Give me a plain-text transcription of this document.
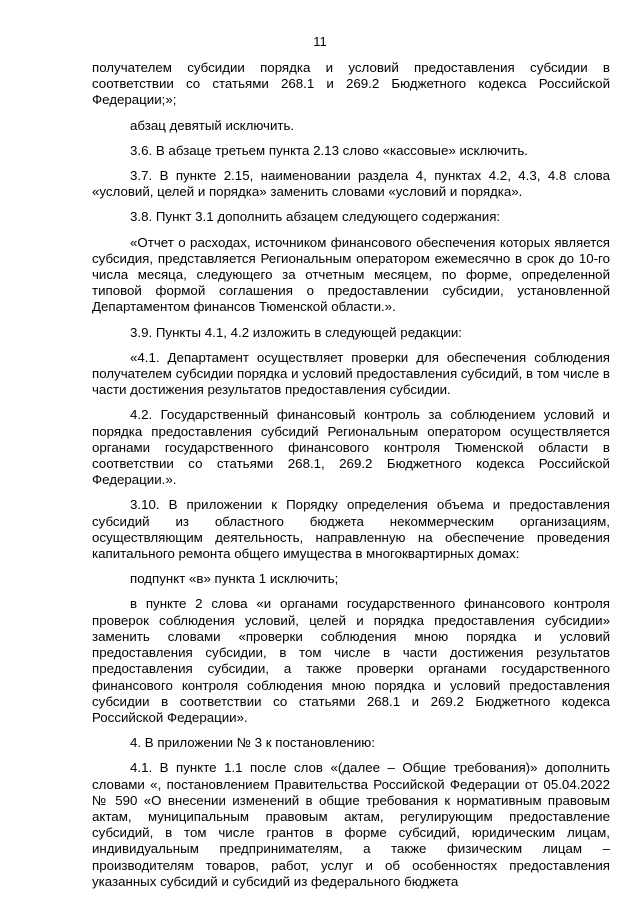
11

получателем субсидии порядка и условий предоставления субсидии в соответствии со статьями 268.1 и 269.2 Бюджетного кодекса Российской Федерации;»;

абзац девятый исключить.

3.6. В абзаце третьем пункта 2.13 слово «кассовые» исключить.

3.7. В пункте 2.15, наименовании раздела 4, пунктах 4.2, 4.3, 4.8 слова «условий, целей и порядка» заменить словами «условий и порядка».

3.8. Пункт 3.1 дополнить абзацем следующего содержания:

«Отчет о расходах, источником финансового обеспечения которых является субсидия, представляется Региональным оператором ежемесячно в срок до 10-го числа месяца, следующего за отчетным месяцем, по форме, определенной типовой формой соглашения о предоставлении субсидии, установленной Департаментом финансов Тюменской области.».

3.9. Пункты 4.1, 4.2 изложить в следующей редакции:

«4.1. Департамент осуществляет проверки для обеспечения соблюдения получателем субсидии порядка и условий предоставления субсидий, в том числе в части достижения результатов предоставления субсидии.

4.2. Государственный финансовый контроль за соблюдением условий и порядка предоставления субсидий Региональным оператором осуществляется органами государственного финансового контроля Тюменской области в соответствии со статьями 268.1, 269.2 Бюджетного кодекса Российской Федерации.».

3.10. В приложении к Порядку определения объема и предоставления субсидий из областного бюджета некоммерческим организациям, осуществляющим деятельность, направленную на обеспечение проведения капитального ремонта общего имущества в многоквартирных домах:

подпункт «в» пункта 1 исключить;

в пункте 2 слова «и органами государственного финансового контроля проверок соблюдения условий, целей и порядка предоставления субсидии» заменить словами «проверки соблюдения мною порядка и условий предоставления субсидии, в том числе в части достижения результатов предоставления субсидии, а также проверки органами государственного финансового контроля соблюдения мною порядка и условий предоставления субсидии в соответствии со статьями 268.1 и 269.2 Бюджетного кодекса Российской Федерации».

4. В приложении № 3 к постановлению:

4.1. В пункте 1.1 после слов «(далее – Общие требования)» дополнить словами «, постановлением Правительства Российской Федерации от 05.04.2022 № 590 «О внесении изменений в общие требования к нормативным правовым актам, муниципальным правовым актам, регулирующим предоставление субсидий, в том числе грантов в форме субсидий, юридическим лицам, индивидуальным предпринимателям, а также физическим лицам – производителям товаров, работ, услуг и об особенностях предоставления указанных субсидий и субсидий из федерального бюджета
